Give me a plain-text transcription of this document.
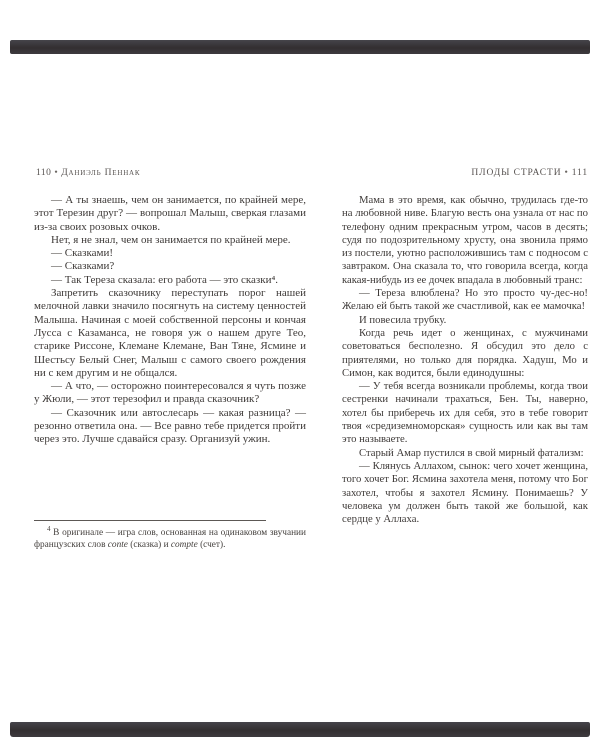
110 • Даниэль Пеннак	ПЛОДЫ СТРАСТИ • 111

— А ты знаешь, чем он занимается, по крайней мере, этот Терезин друг? — вопрошал Малыш, сверкая глазами из-за своих розовых очков.

Нет, я не знал, чем он занимается по крайней мере.

— Сказками!

— Сказками?

— Так Тереза сказала: его работа — это сказки⁴.

Запретить сказочнику переступать порог нашей мелочной лавки значило посягнуть на систему ценностей Малыша. Начиная с моей собственной персоны и кончая Лусса с Казаманса, не говоря уж о нашем друге Тео, старике Риссоне, Клемане Клемане, Ван Тяне, Ясмине и Шестьсу Белый Снег, Малыш с самого своего рождения ни с кем другим и не общался.

— А что, — осторожно поинтересовался я чуть позже у Жюли, — этот терезофил и правда сказочник?

— Сказочник или автослесарь — какая разница? — резонно ответила она. — Все равно тебе придется пройти через это. Лучше сдавайся сразу. Организуй ужин.

$^4$ В оригинале — игра слов, основанная на одинаковом звучании французских слов conte (сказка) и compte (счет).

Мама в это время, как обычно, трудилась где-то на любовной ниве. Благую весть она узнала от нас по телефону одним прекрасным утром, часов в десять; судя по подозрительному хрусту, она звонила прямо из постели, уютно расположившись там с подносом с завтраком. Она сказала то, что говорила всегда, когда какая-нибудь из ее дочек впадала в любовный транс:

— Тереза влюблена? Но это просто чу-дес-но! Желаю ей быть такой же счастливой, как ее мамочка!

И повесила трубку.

Когда речь идет о женщинах, с мужчинами советоваться бесполезно. Я обсудил это дело с приятелями, но только для порядка. Хадуш, Мо и Симон, как водится, были единодушны:

— У тебя всегда возникали проблемы, когда твои сестренки начинали трахаться, Бен. Ты, наверно, хотел бы приберечь их для себя, это в тебе говорит твоя «средиземноморская» сущность или как вы там это называете.

Старый Амар пустился в свой мирный фатализм:

— Клянусь Аллахом, сынок: чего хочет женщина, того хочет Бог. Ясмина захотела меня, потому что Бог захотел, чтобы я захотел Ясмину. Понимаешь? У человека ум должен быть такой же большой, как сердце у Аллаха.
